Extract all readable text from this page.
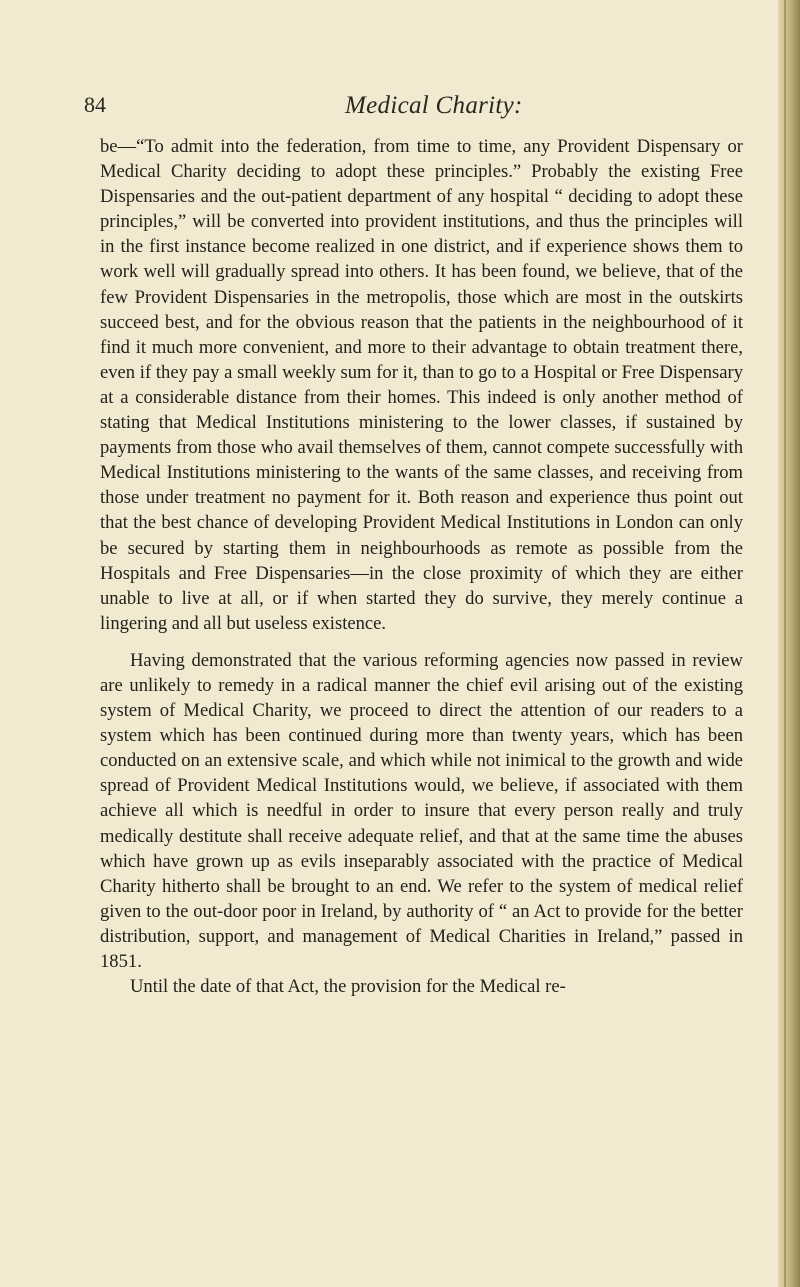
84	Medical Charity:

be—“To admit into the federation, from time to time, any Provident Dispensary or Medical Charity deciding to adopt these principles.” Probably the existing Free Dispensaries and the out-patient department of any hospital “ deciding to adopt these principles,” will be converted into provident institutions, and thus the principles will in the first instance become realized in one district, and if experience shows them to work well will gradually spread into others. It has been found, we believe, that of the few Provident Dispensaries in the metropolis, those which are most in the outskirts succeed best, and for the obvious reason that the patients in the neighbourhood of it find it much more convenient, and more to their advantage to obtain treatment there, even if they pay a small weekly sum for it, than to go to a Hospital or Free Dispensary at a considerable distance from their homes. This indeed is only another method of stating that Medical Institutions ministering to the lower classes, if sustained by payments from those who avail themselves of them, cannot compete successfully with Medical Institutions ministering to the wants of the same classes, and receiving from those under treatment no payment for it. Both reason and experience thus point out that the best chance of developing Provident Medical Institutions in London can only be secured by starting them in neighbourhoods as remote as possible from the Hospitals and Free Dispensaries—in the close proximity of which they are either unable to live at all, or if when started they do survive, they merely continue a lingering and all but useless existence.

Having demonstrated that the various reforming agencies now passed in review are unlikely to remedy in a radical manner the chief evil arising out of the existing system of Medical Charity, we proceed to direct the attention of our readers to a system which has been continued during more than twenty years, which has been conducted on an extensive scale, and which while not inimical to the growth and wide spread of Provident Medical Institutions would, we believe, if associated with them achieve all which is needful in order to insure that every person really and truly medically destitute shall receive adequate relief, and that at the same time the abuses which have grown up as evils inseparably associated with the practice of Medical Charity hitherto shall be brought to an end. We refer to the system of medical relief given to the out-door poor in Ireland, by authority of “ an Act to provide for the better distribution, support, and management of Medical Charities in Ireland,” passed in 1851.

Until the date of that Act, the provision for the Medical re-
